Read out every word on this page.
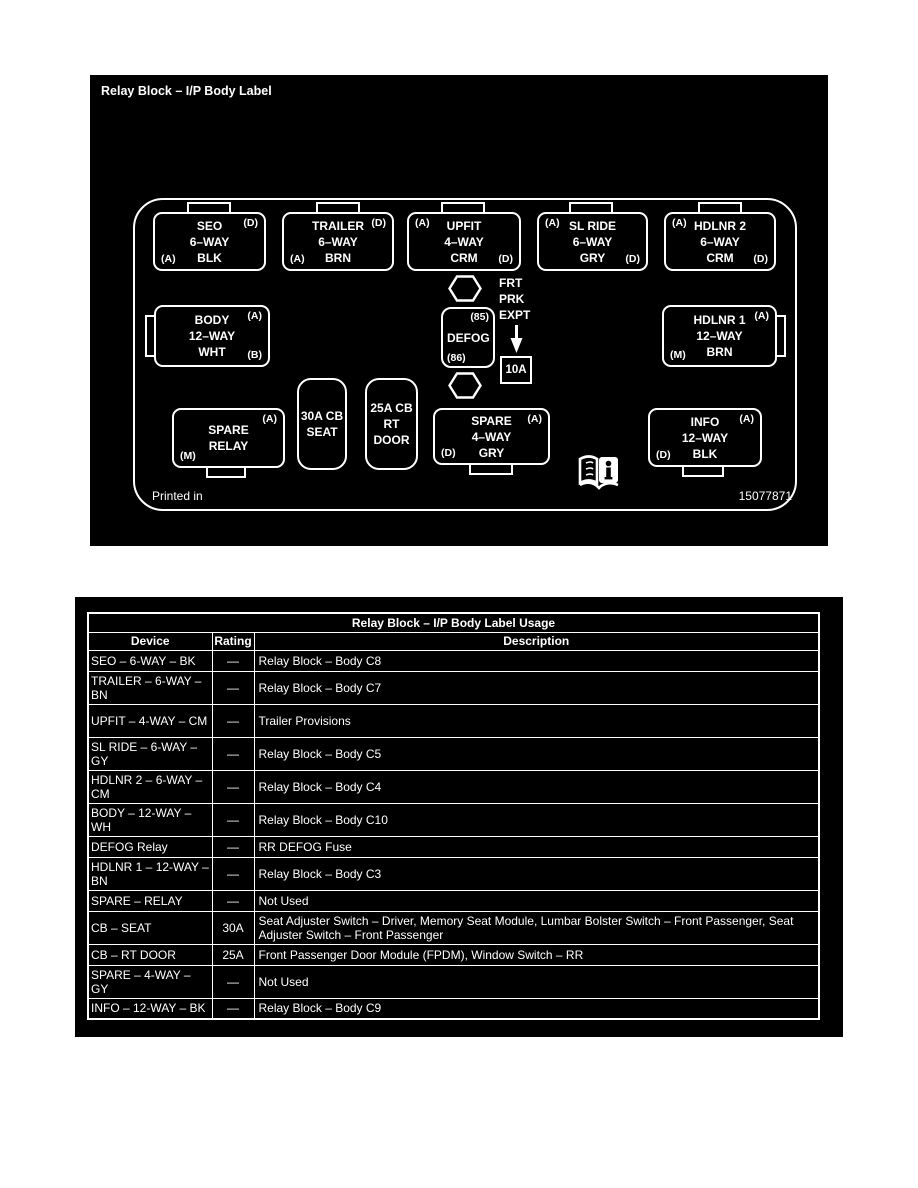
Relay Block – I/P Body Label
(D)
(A)
SEO
6–WAY
BLK
(D)
(A)
TRAILER
6–WAY
BRN
(A)
(D)
UPFIT
4–WAY
CRM
(A)
(D)
SL RIDE
6–WAY
GRY
(A)
(D)
HDLNR 2
6–WAY
CRM
(A)
(B)
BODY
12–WAY
WHT
FRT
PRK
EXPT
(85)
DEFOG
(86)
10A
(A)
(M)
HDLNR 1
12–WAY
BRN
(A)
(M)
SPARE
RELAY
30A CB
SEAT
25A CB
RT
DOOR
(A)
(D)
SPARE
4–WAY
GRY
(A)
(D)
INFO
12–WAY
BLK
Printed in	15077871
Relay Block – I/P Body Label Usage		
Device	Rating	Description
SEO – 6-WAY – BK	—	Relay Block – Body C8
TRAILER – 6-WAY – BN	—	Relay Block – Body C7
UPFIT – 4-WAY – CM	—	Trailer Provisions
SL RIDE – 6-WAY – GY	—	Relay Block – Body C5
HDLNR 2 – 6-WAY – CM	—	Relay Block – Body C4
BODY – 12-WAY – WH	—	Relay Block – Body C10
DEFOG Relay	—	RR DEFOG Fuse
HDLNR 1 – 12-WAY – BN	—	Relay Block – Body C3
SPARE – RELAY	—	Not Used
CB – SEAT	30A	Seat Adjuster Switch – Driver, Memory Seat Module, Lumbar Bolster Switch – Front Passenger, Seat Adjuster Switch – Front Passenger
CB – RT DOOR	25A	Front Passenger Door Module (FPDM), Window Switch – RR
SPARE – 4-WAY – GY	—	Not Used
INFO – 12-WAY – BK	—	Relay Block – Body C9
